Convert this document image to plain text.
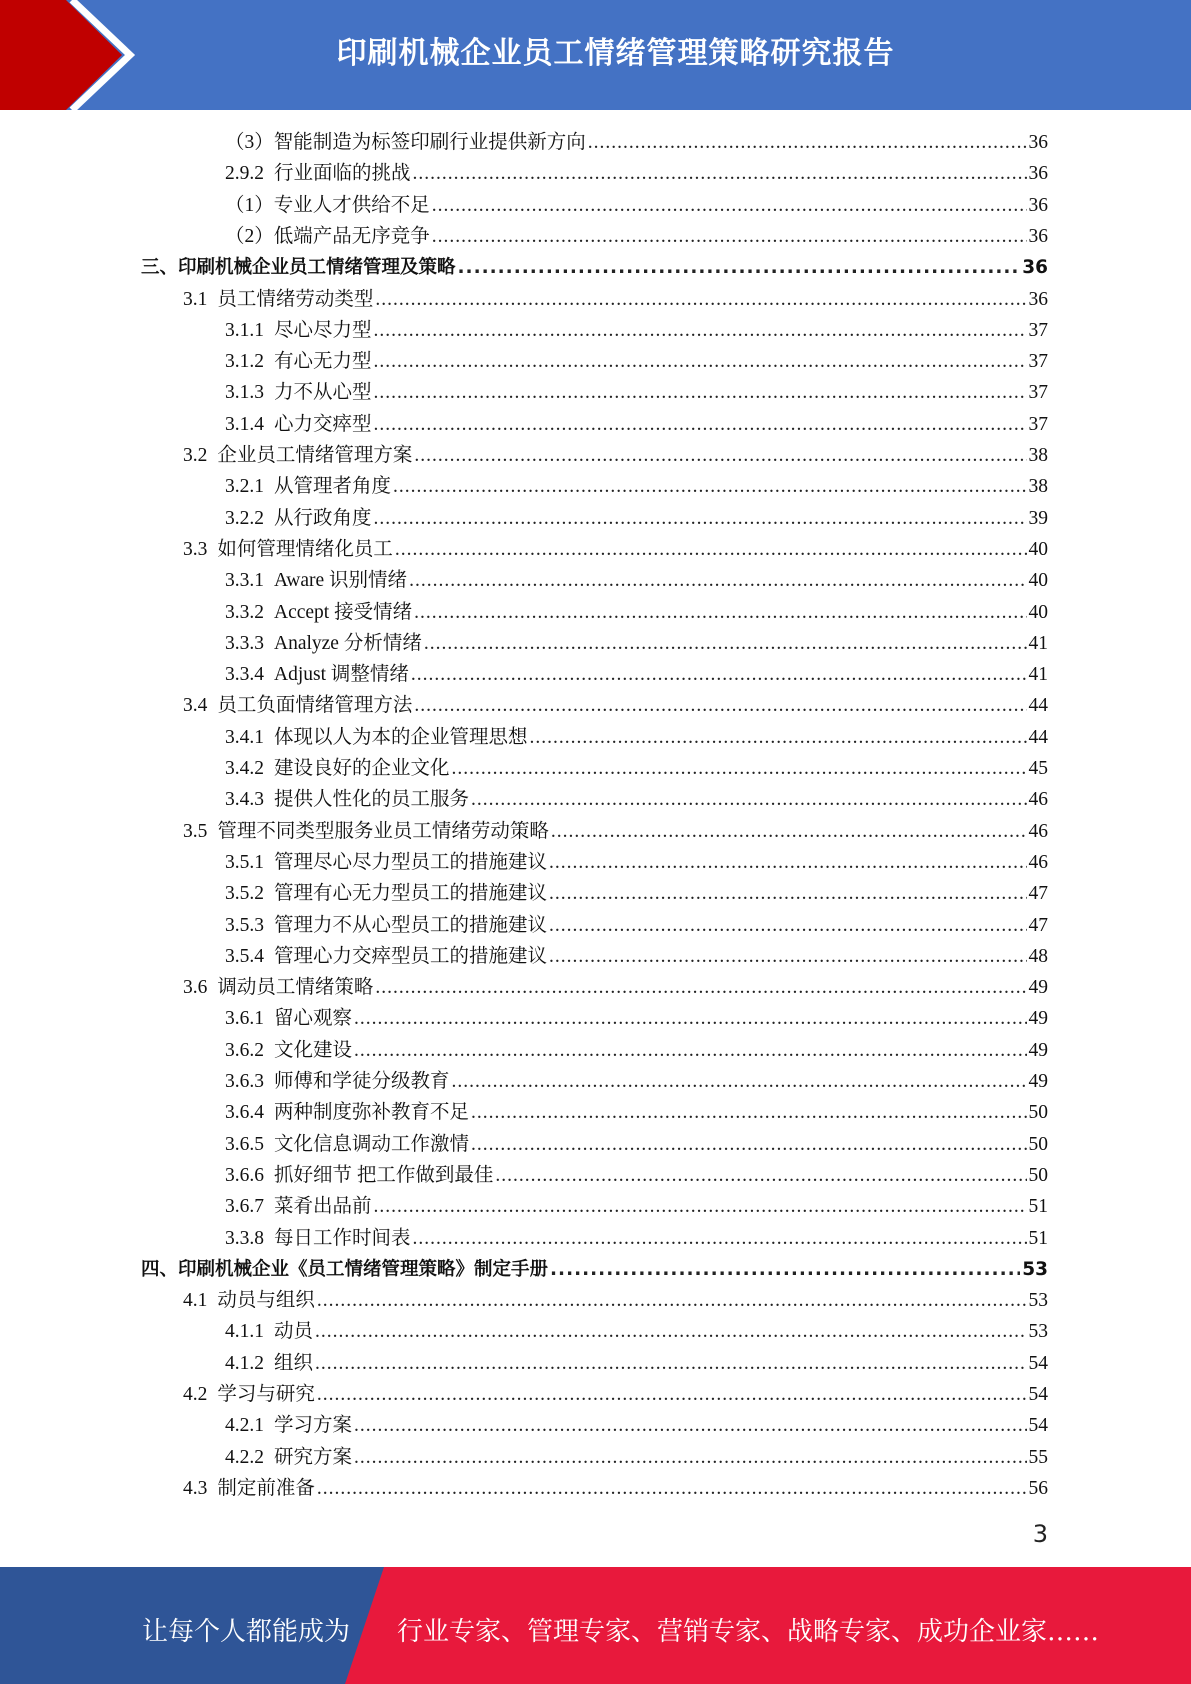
印刷机械企业员工情绪管理策略研究报告
（3）智能制造为标签印刷行业提供新方向 .....	36
2.9.2 行业面临的挑战 .....	36
（1）专业人才供给不足 .....	36
（2）低端产品无序竞争 .....	36
三、印刷机械企业员工情绪管理及策略 .....	36
3.1 员工情绪劳动类型 .....	36
3.1.1 尽心尽力型 .....	37
3.1.2 有心无力型 .....	37
3.1.3 力不从心型 .....	37
3.1.4 心力交瘁型 .....	37
3.2 企业员工情绪管理方案 .....	38
3.2.1 从管理者角度 .....	38
3.2.2 从行政角度 .....	39
3.3 如何管理情绪化员工 .....	40
3.3.1 Aware 识别情绪 .....	40
3.3.2 Accept 接受情绪 .....	40
3.3.3 Analyze 分析情绪 .....	41
3.3.4 Adjust 调整情绪 .....	41
3.4 员工负面情绪管理方法 .....	44
3.4.1 体现以人为本的企业管理思想 .....	44
3.4.2 建设良好的企业文化 .....	45
3.4.3 提供人性化的员工服务 .....	46
3.5 管理不同类型服务业员工情绪劳动策略 .....	46
3.5.1 管理尽心尽力型员工的措施建议 .....	46
3.5.2 管理有心无力型员工的措施建议 .....	47
3.5.3 管理力不从心型员工的措施建议 .....	47
3.5.4 管理心力交瘁型员工的措施建议 .....	48
3.6 调动员工情绪策略 .....	49
3.6.1 留心观察 .....	49
3.6.2 文化建设 .....	49
3.6.3 师傅和学徒分级教育 .....	49
3.6.4 两种制度弥补教育不足 .....	50
3.6.5 文化信息调动工作激情 .....	50
3.6.6 抓好细节 把工作做到最佳 .....	50
3.6.7 菜肴出品前 .....	51
3.3.8 每日工作时间表 .....	51
四、印刷机械企业《员工情绪管理策略》制定手册 .....	53
4.1 动员与组织 .....	53
4.1.1 动员 .....	53
4.1.2 组织 .....	54
4.2 学习与研究 .....	54
4.2.1 学习方案 .....	54
4.2.2 研究方案 .....	55
4.3 制定前准备 .....	56
3
让每个人都能成为 行业专家、管理专家、营销专家、战略专家、成功企业家……
